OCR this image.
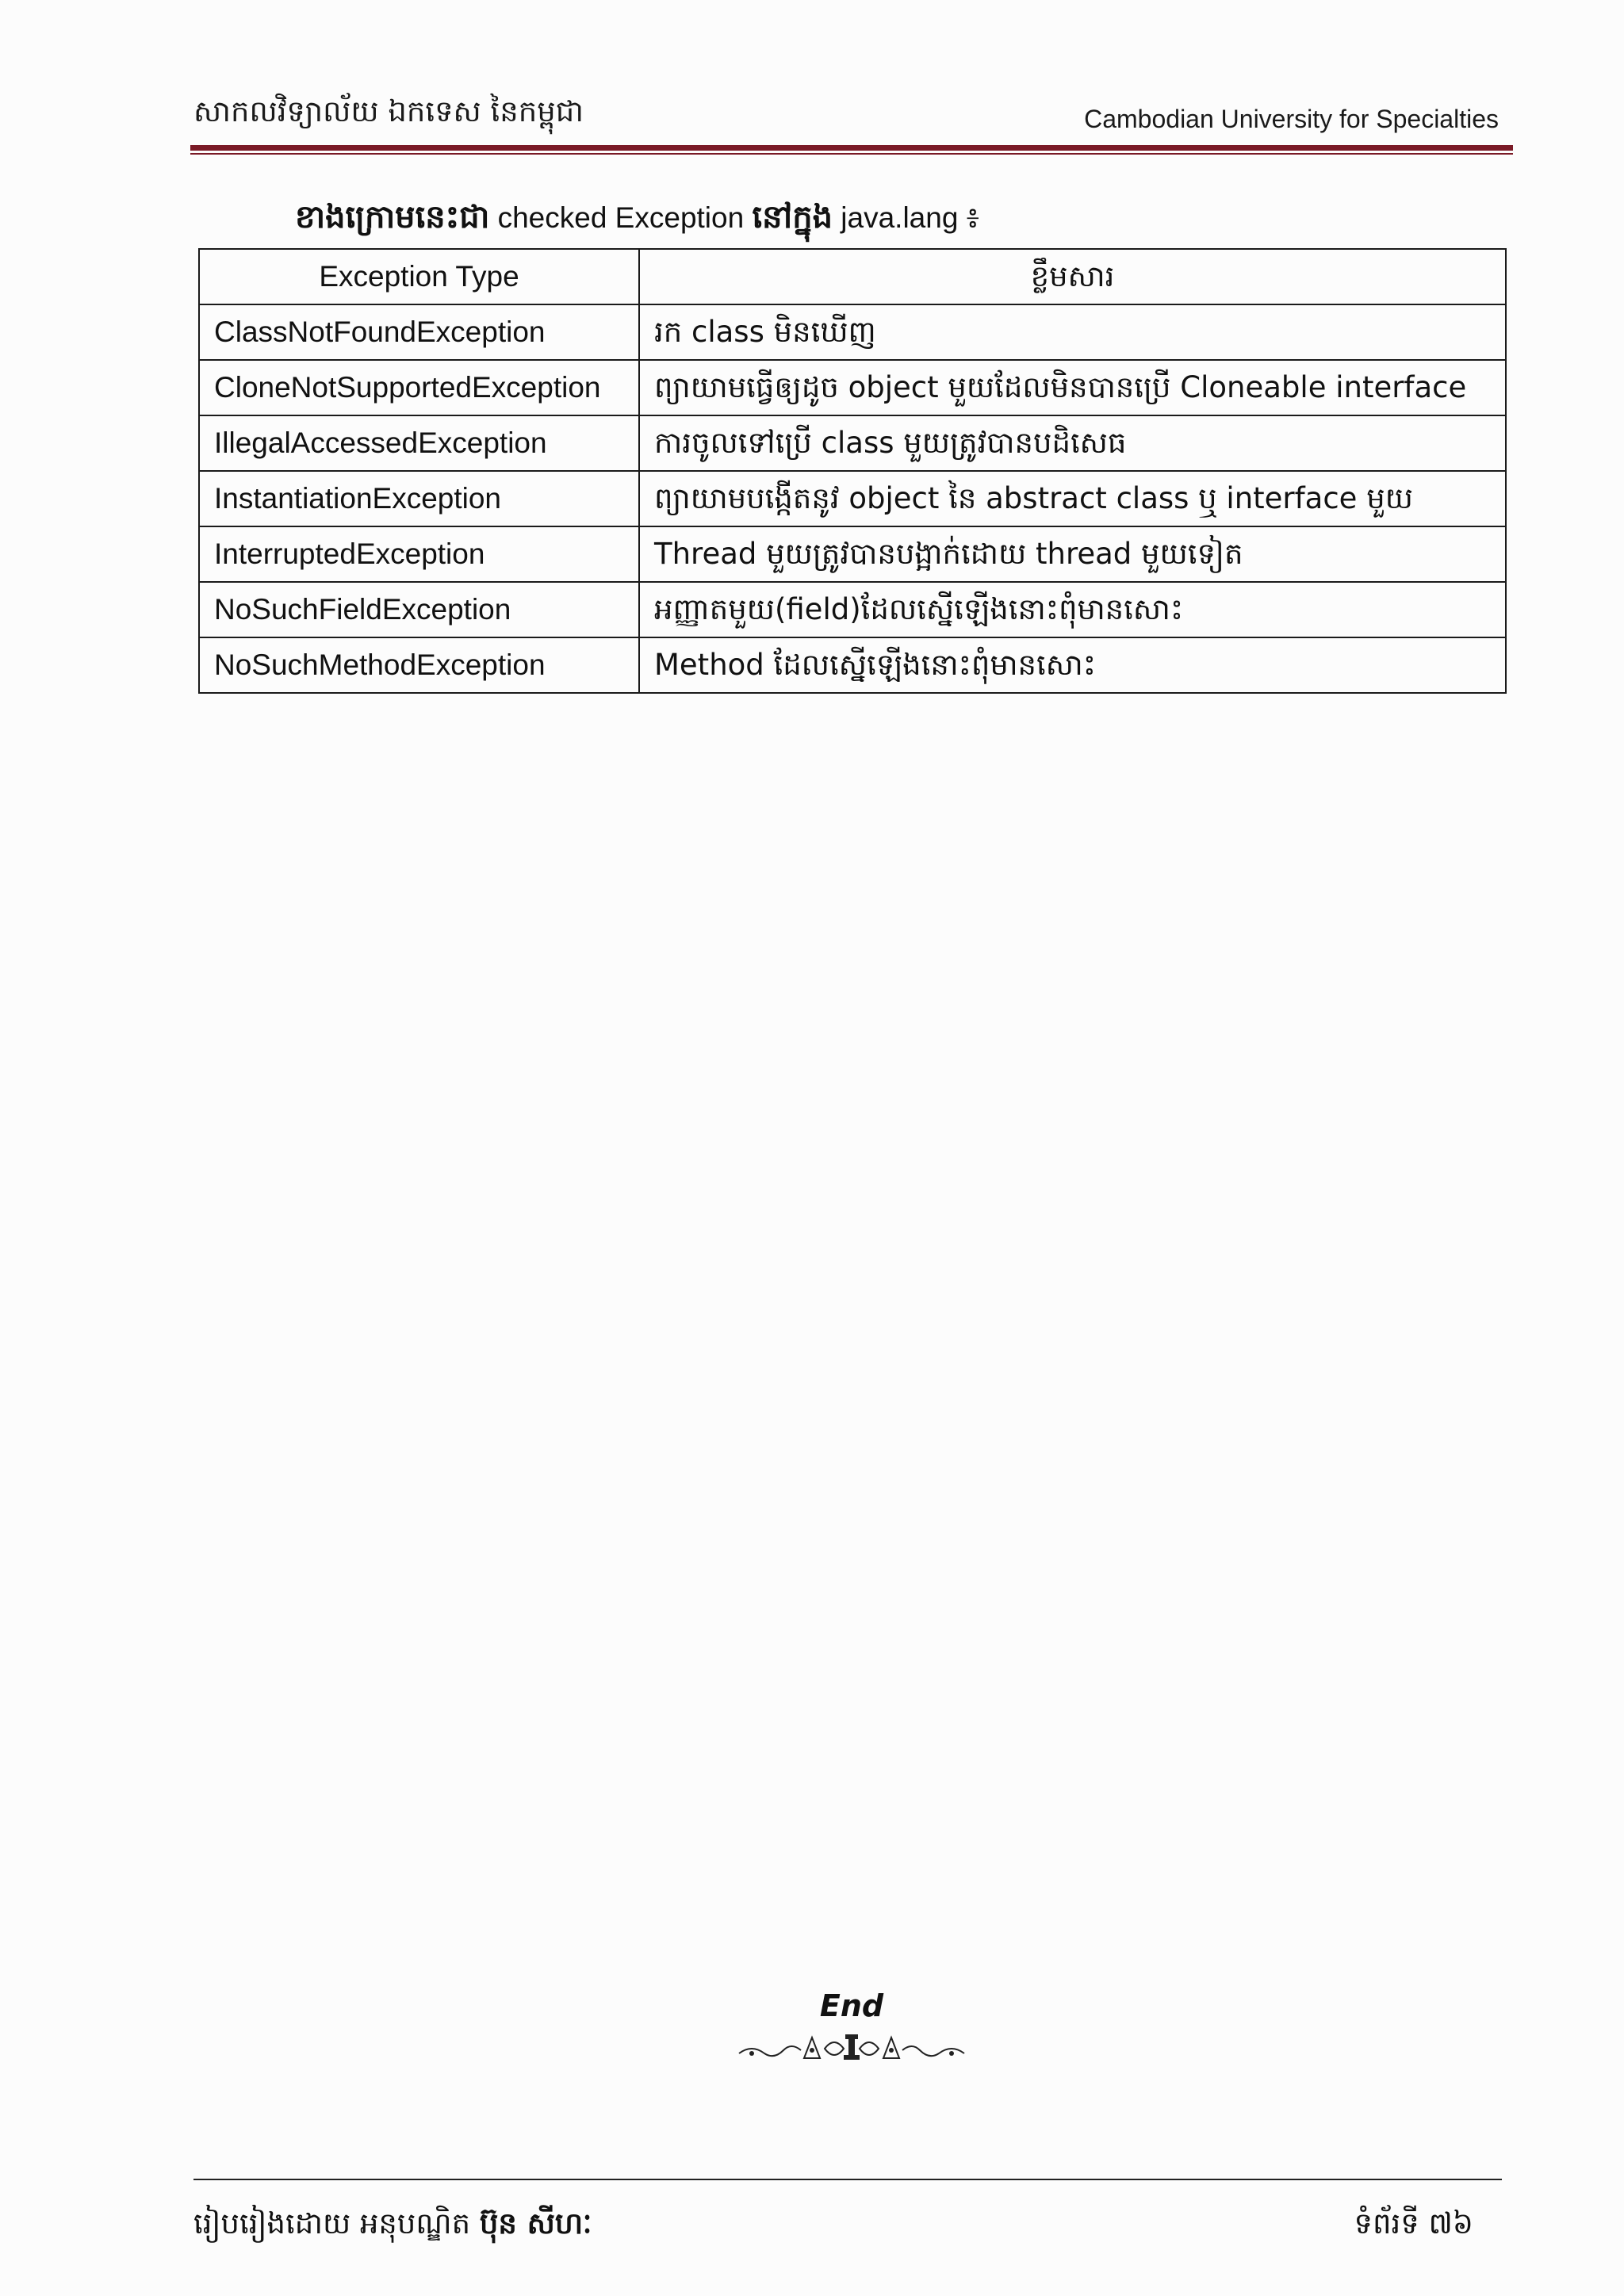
សាកលវិទ្យាល័យ ឯកទេស នៃកម្ពុជា	Cambodian University for Specialties
ខាងក្រោមនេះជា checked Exception នៅក្នុង java.lang ៖
Exception Type	ខ្លឹមសារ
ClassNotFoundException	រក class មិនឃើញ
CloneNotSupportedException	ព្យាយាមធ្វើឲ្យដូច object មួយដែលមិនបានប្រើ Cloneable interface
IllegalAccessedException	ការចូលទៅប្រើ class មួយត្រូវបានបដិសេធ
InstantiationException	ព្យាយាមបង្កើតនូវ object នៃ abstract class ឬ interface មួយ
InterruptedException	Thread មួយត្រូវបានបង្អាក់ដោយ thread មួយទៀត
NoSuchFieldException	អញ្ញាតមួយ(field)ដែលស្នើឡើងនោះពុំមានសោះ
NoSuchMethodException	Method ដែលស្នើឡើងនោះពុំមានសោះ
End
រៀបរៀងដោយ អនុបណ្ឌិត ប៊ុន សីហៈ	ទំព័រទី ៧៦
